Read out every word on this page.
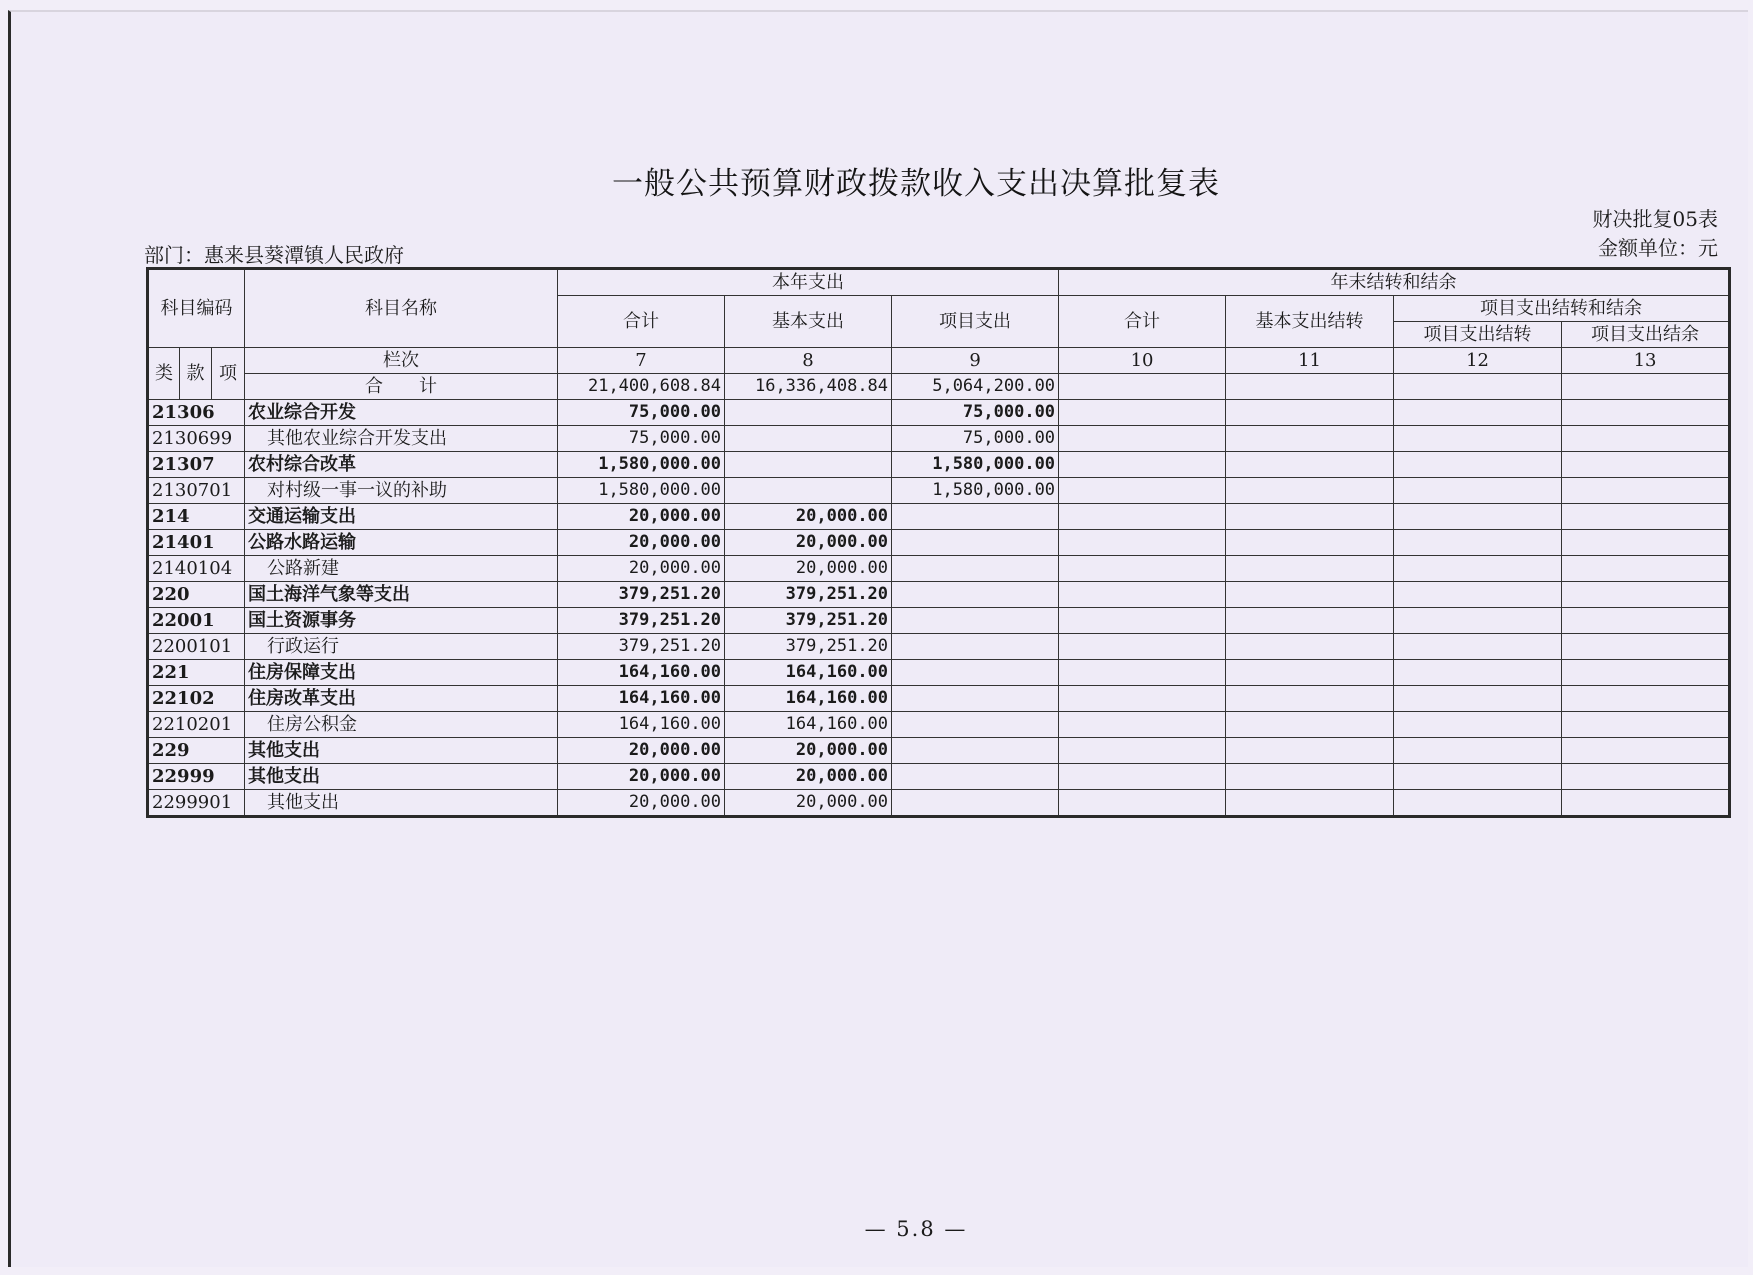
一般公共预算财政拨款收入支出决算批复表
财决批复05表
金额单位：元
部门：惠来县葵潭镇人民政府
科目编码			科目名称	本年支出			年末结转和结余			
				合计	基本支出	项目支出	合计	基本支出结转	项目支出结转和结余	
									项目支出结转	项目支出结余
类	款	项	栏次	7	8	9	10	11	12	13
			合　　计	21,400,608.84	16,336,408.84	5,064,200.00				
21306			农业综合开发	75,000.00		75,000.00				
2130699			其他农业综合开发支出	75,000.00		75,000.00				
21307			农村综合改革	1,580,000.00		1,580,000.00				
2130701			对村级一事一议的补助	1,580,000.00		1,580,000.00				
214			交通运输支出	20,000.00	20,000.00					
21401			公路水路运输	20,000.00	20,000.00					
2140104			公路新建	20,000.00	20,000.00					
220			国土海洋气象等支出	379,251.20	379,251.20					
22001			国土资源事务	379,251.20	379,251.20					
2200101			行政运行	379,251.20	379,251.20					
221			住房保障支出	164,160.00	164,160.00					
22102			住房改革支出	164,160.00	164,160.00					
2210201			住房公积金	164,160.00	164,160.00					
229			其他支出	20,000.00	20,000.00					
22999			其他支出	20,000.00	20,000.00					
2299901			其他支出	20,000.00	20,000.00					
— 5.8 —
